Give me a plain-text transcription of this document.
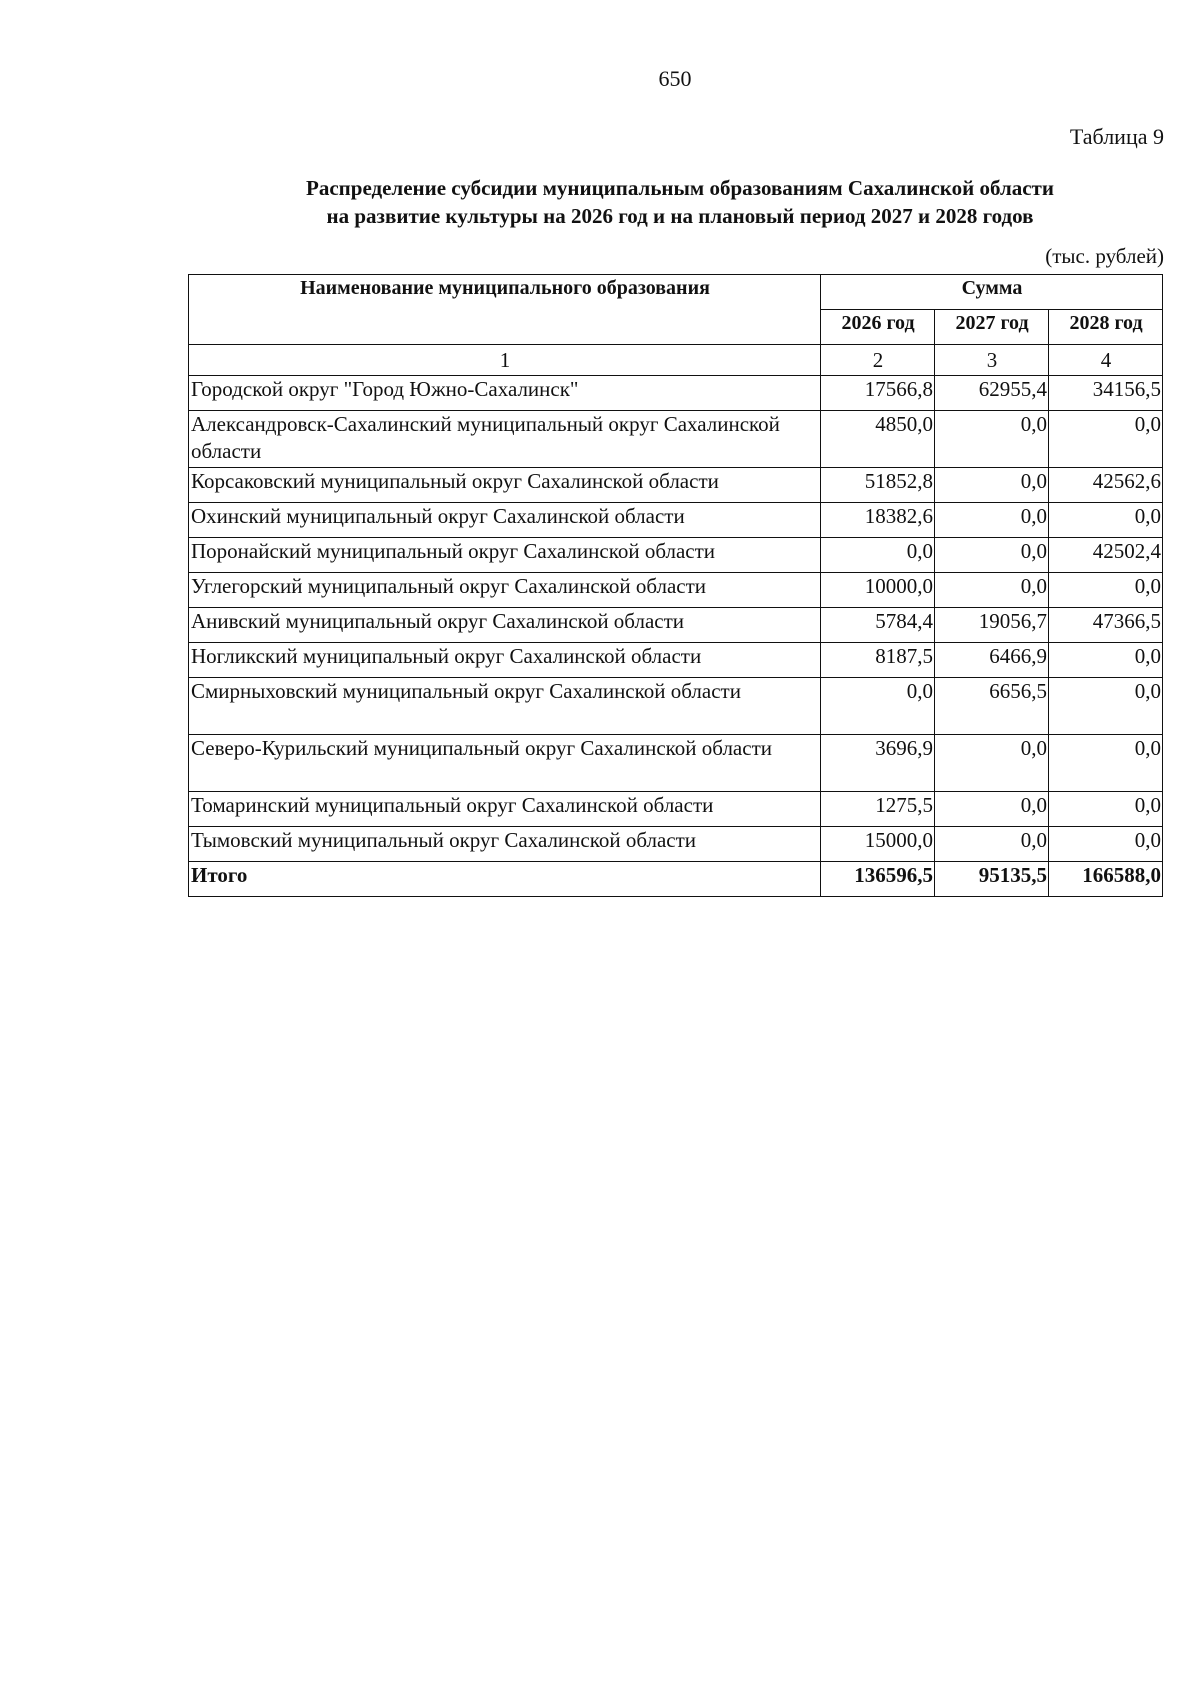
650
Таблица 9
Распределение субсидии муниципальным образованиям Сахалинской области
на развитие культуры на 2026 год и на плановый период 2027 и 2028 годов
(тыс. рублей)
Наименование муниципального образования	Сумма		
	2026 год	2027 год	2028 год
1	2	3	4
Городской округ "Город Южно-Сахалинск"	17566,8	62955,4	34156,5
Александровск-Сахалинский муниципальный округ Сахалинской области	4850,0	0,0	0,0
Корсаковский муниципальный округ Сахалинской области	51852,8	0,0	42562,6
Охинский муниципальный округ Сахалинской области	18382,6	0,0	0,0
Поронайский муниципальный округ Сахалинской области	0,0	0,0	42502,4
Углегорский муниципальный округ Сахалинской области	10000,0	0,0	0,0
Анивский муниципальный округ Сахалинской области	5784,4	19056,7	47366,5
Ногликский муниципальный округ Сахалинской области	8187,5	6466,9	0,0
Смирныховский муниципальный округ Сахалинской области	0,0	6656,5	0,0
Северо-Курильский муниципальный округ Сахалинской области	3696,9	0,0	0,0
Томаринский муниципальный округ Сахалинской области	1275,5	0,0	0,0
Тымовский муниципальный округ Сахалинской области	15000,0	0,0	0,0
Итого	136596,5	95135,5	166588,0
